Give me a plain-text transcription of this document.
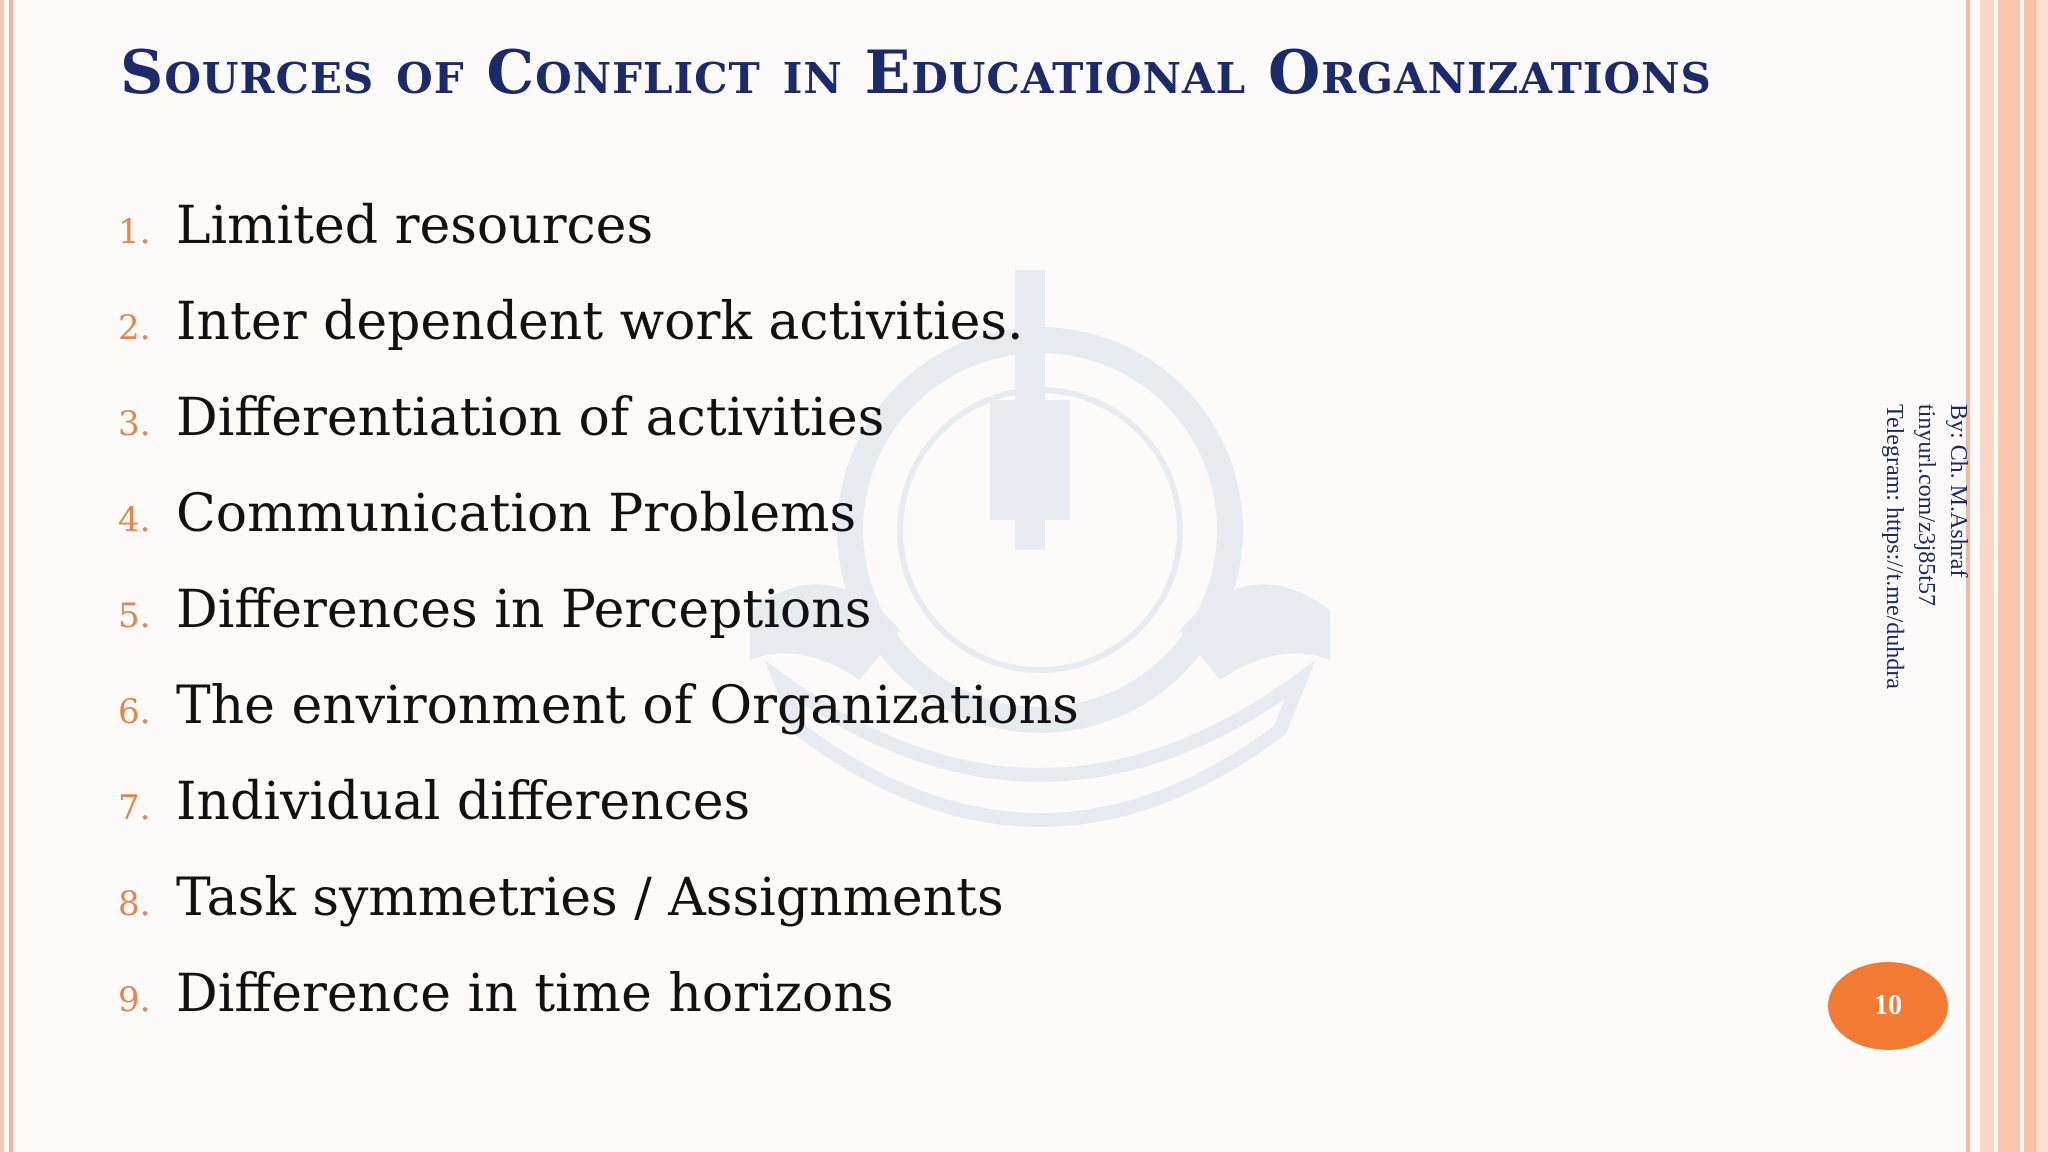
Sources of Conflict in Educational Organizations
1. Limited resources
2. Inter dependent work activities.
3. Differentiation of activities
4. Communication Problems
5. Differences in Perceptions
6. The environment of Organizations
7. Individual differences
8. Task symmetries / Assignments
9. Difference in time horizons
By: Ch. M.Ashraf
tinyurl.com/z3j85t57
Telegram: https://t.me/duhdra
10
